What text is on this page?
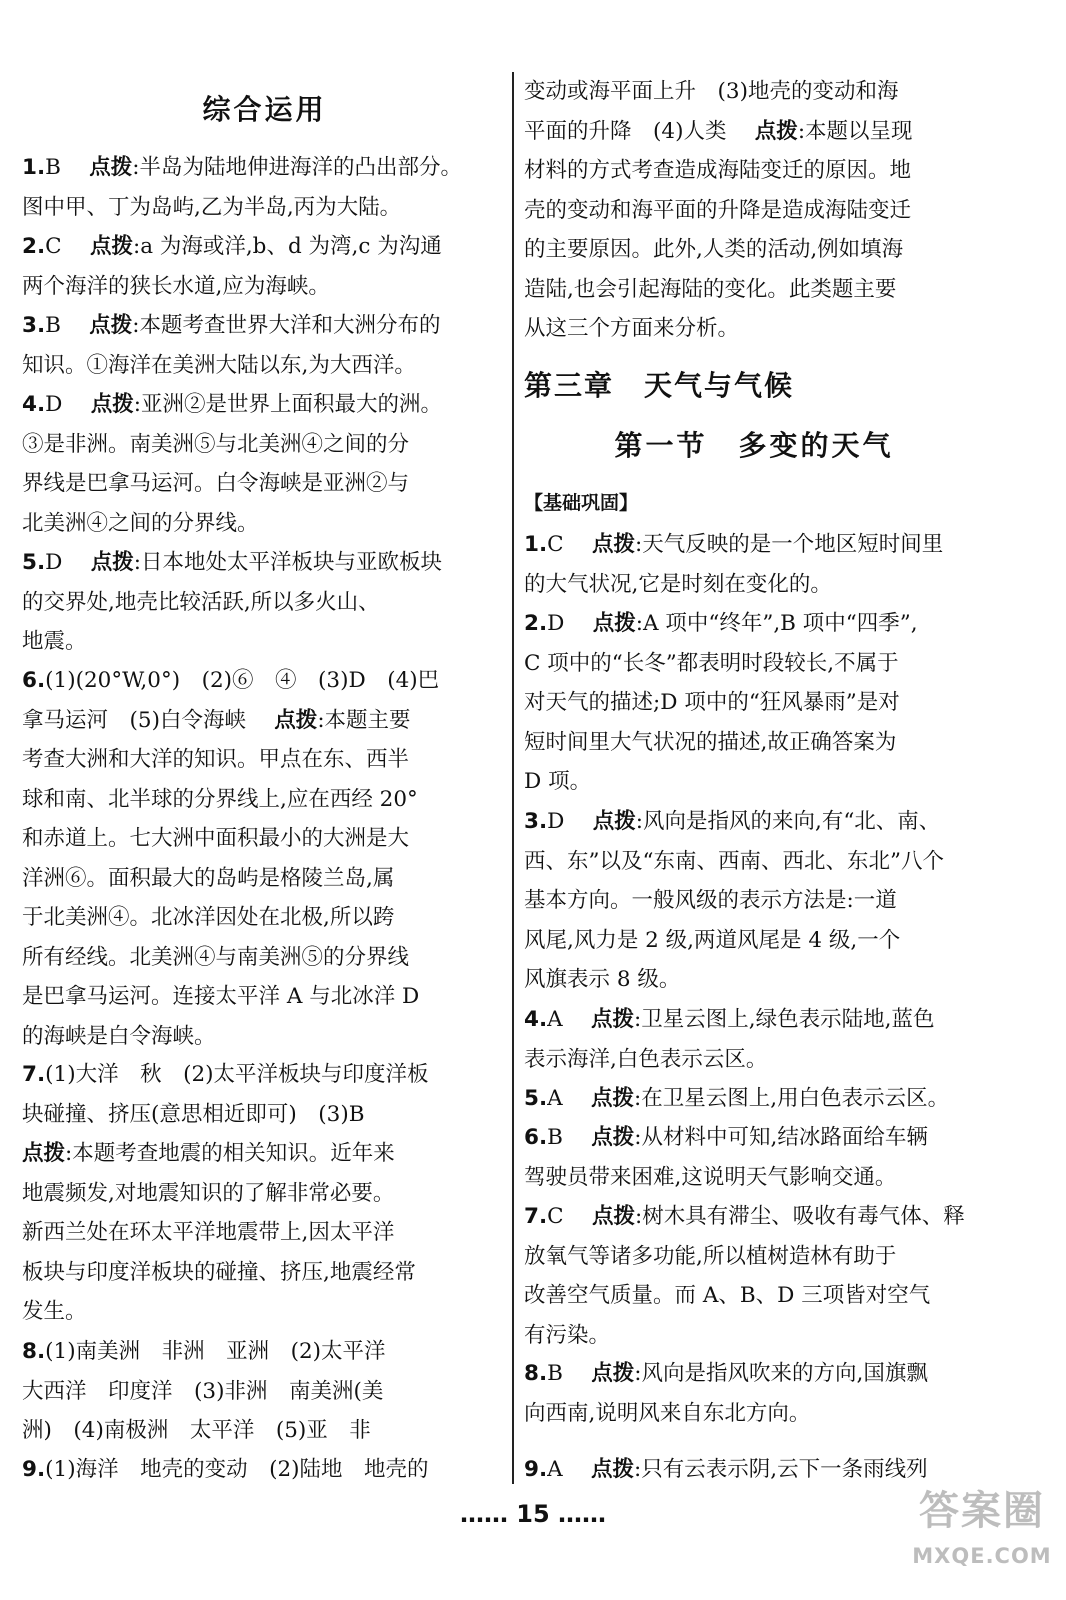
综合运用
1.B　 点拨:半岛为陆地伸进海洋的凸出部分。
图中甲、丁为岛屿,乙为半岛,丙为大陆。
2.C　 点拨:a 为海或洋,b、d 为湾,c 为沟通
两个海洋的狭长水道,应为海峡。
3.B　 点拨:本题考查世界大洋和大洲分布的
知识。①海洋在美洲大陆以东,为大西洋。
4.D　 点拨:亚洲②是世界上面积最大的洲。
③是非洲。南美洲⑤与北美洲④之间的分
界线是巴拿马运河。白令海峡是亚洲②与
北美洲④之间的分界线。
5.D　 点拨:日本地处太平洋板块与亚欧板块
的交界处,地壳比较活跃,所以多火山、
地震。
6.(1)(20°W,0°)　(2)⑥　④　(3)D　(4)巴
拿马运河　(5)白令海峡　 点拨:本题主要
考查大洲和大洋的知识。甲点在东、西半
球和南、北半球的分界线上,应在西经 20°
和赤道上。七大洲中面积最小的大洲是大
洋洲⑥。面积最大的岛屿是格陵兰岛,属
于北美洲④。北冰洋因处在北极,所以跨
所有经线。北美洲④与南美洲⑤的分界线
是巴拿马运河。连接太平洋 A 与北冰洋 D
的海峡是白令海峡。
7.(1)大洋　秋　(2)太平洋板块与印度洋板
块碰撞、挤压(意思相近即可)　(3)B
点拨:本题考查地震的相关知识。近年来
地震频发,对地震知识的了解非常必要。
新西兰处在环太平洋地震带上,因太平洋
板块与印度洋板块的碰撞、挤压,地震经常
发生。
8.(1)南美洲　非洲　亚洲　(2)太平洋
大西洋　印度洋　(3)非洲　南美洲(美
洲)　(4)南极洲　太平洋　(5)亚　非
9.(1)海洋　地壳的变动　(2)陆地　地壳的
第三章　天气与气候
第一节　多变的天气
【基础巩固】
变动或海平面上升　(3)地壳的变动和海
平面的升降　(4)人类　 点拨:本题以呈现
材料的方式考查造成海陆变迁的原因。地
壳的变动和海平面的升降是造成海陆变迁
的主要原因。此外,人类的活动,例如填海
造陆,也会引起海陆的变化。此类题主要
从这三个方面来分析。
1.C　 点拨:天气反映的是一个地区短时间里
的大气状况,它是时刻在变化的。
2.D　 点拨:A 项中“终年”,B 项中“四季”,
C 项中的“长冬”都表明时段较长,不属于
对天气的描述;D 项中的“狂风暴雨”是对
短时间里大气状况的描述,故正确答案为
D 项。
3.D　 点拨:风向是指风的来向,有“北、南、
西、东”以及“东南、西南、西北、东北”八个
基本方向。一般风级的表示方法是:一道
风尾,风力是 2 级,两道风尾是 4 级,一个
风旗表示 8 级。
4.A　 点拨:卫星云图上,绿色表示陆地,蓝色
表示海洋,白色表示云区。
5.A　 点拨:在卫星云图上,用白色表示云区。
6.B　 点拨:从材料中可知,结冰路面给车辆
驾驶员带来困难,这说明天气影响交通。
7.C　 点拨:树木具有滞尘、吸收有毒气体、释
放氧气等诸多功能,所以植树造林有助于
改善空气质量。而 A、B、D 三项皆对空气
有污染。
8.B　 点拨:风向是指风吹来的方向,国旗飘
向西南,说明风来自东北方向。
9.A　 点拨:只有云表示阴,云下一条雨线列
…… 15 ……	答案圈
MXQE.COM
